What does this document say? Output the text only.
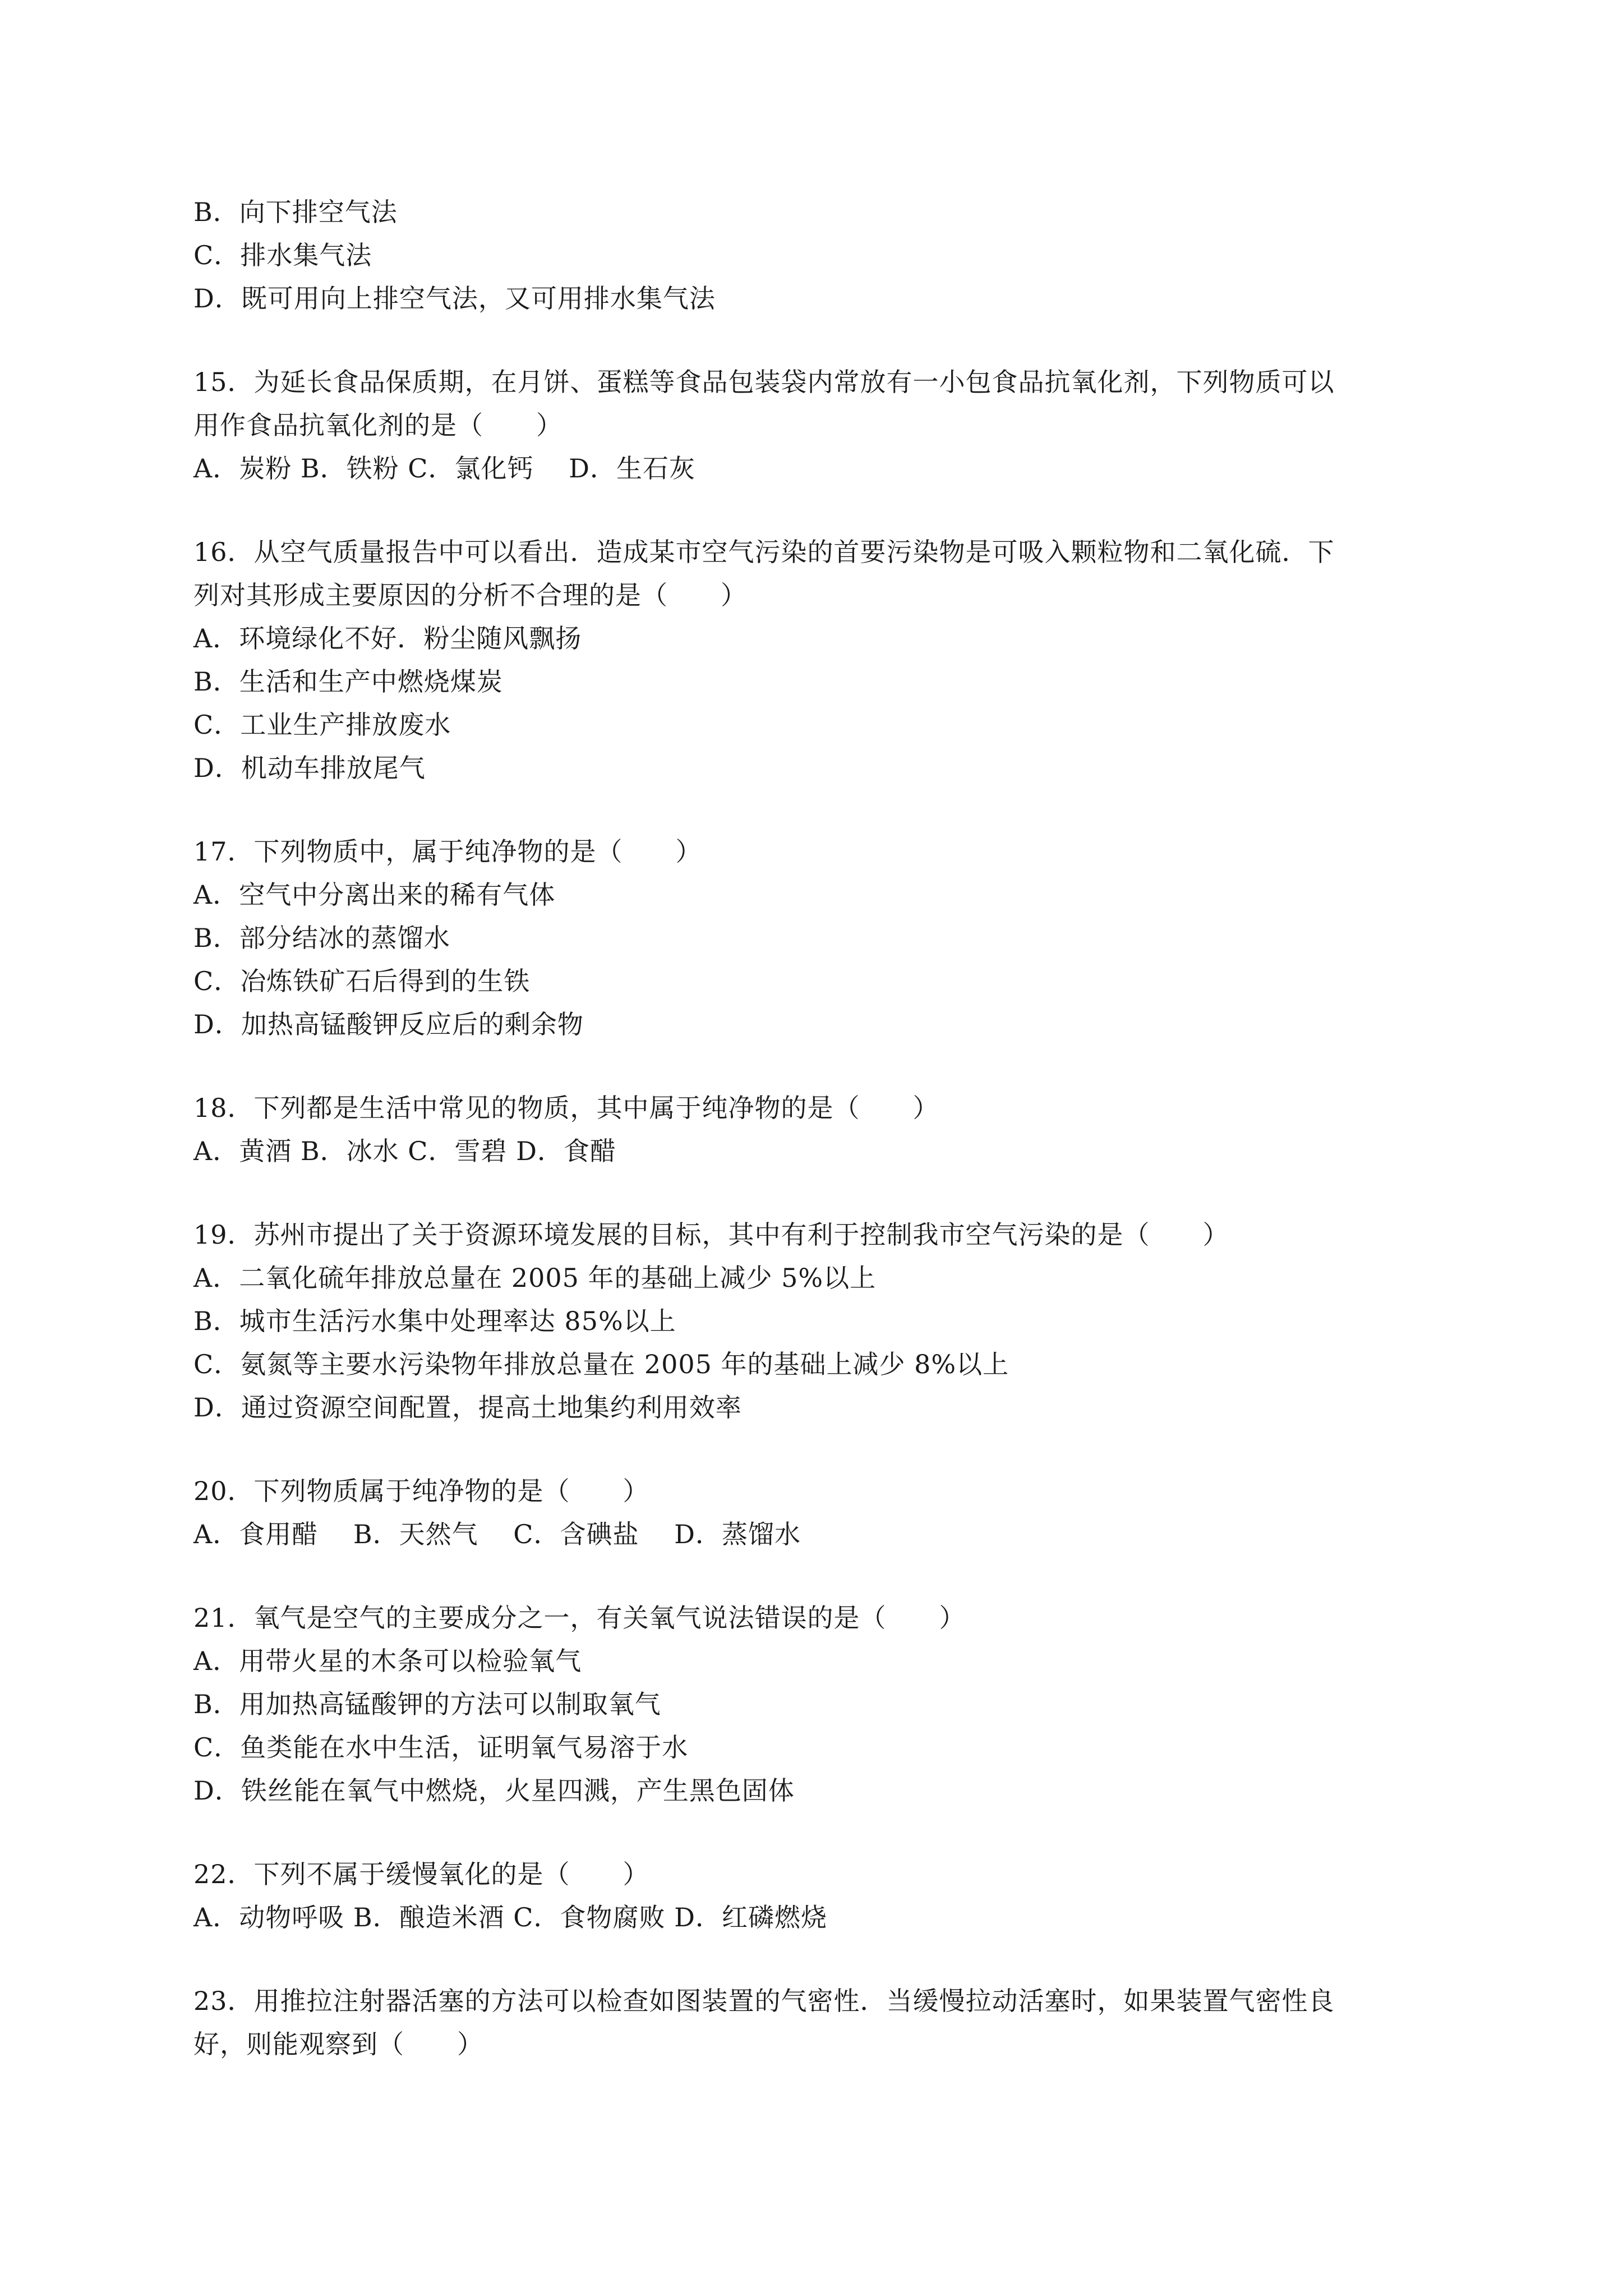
B．向下排空气法
C．排水集气法
D．既可用向上排空气法，又可用排水集气法
15．为延长食品保质期，在月饼、蛋糕等食品包装袋内常放有一小包食品抗氧化剂，下列物质可以
用作食品抗氧化剂的是（　　）
A．炭粉 B．铁粉 C．氯化钙　 D．生石灰
16．从空气质量报告中可以看出．造成某市空气污染的首要污染物是可吸入颗粒物和二氧化硫．下
列对其形成主要原因的分析不合理的是（　　）
A．环境绿化不好．粉尘随风飘扬
B．生活和生产中燃烧煤炭
C．工业生产排放废水
D．机动车排放尾气
17．下列物质中，属于纯净物的是（　　）
A．空气中分离出来的稀有气体
B．部分结冰的蒸馏水
C．冶炼铁矿石后得到的生铁
D．加热高锰酸钾反应后的剩余物
18．下列都是生活中常见的物质，其中属于纯净物的是（　　）
A．黄酒 B．冰水 C．雪碧 D．食醋
19．苏州市提出了关于资源环境发展的目标，其中有利于控制我市空气污染的是（　　）
A．二氧化硫年排放总量在 2005 年的基础上减少 5%以上
B．城市生活污水集中处理率达 85%以上
C．氨氮等主要水污染物年排放总量在 2005 年的基础上减少 8%以上
D．通过资源空间配置，提高土地集约利用效率
20．下列物质属于纯净物的是（　　）
A．食用醋　 B．天然气　 C．含碘盐　 D．蒸馏水
21．氧气是空气的主要成分之一，有关氧气说法错误的是（　　）
A．用带火星的木条可以检验氧气
B．用加热高锰酸钾的方法可以制取氧气
C．鱼类能在水中生活，证明氧气易溶于水
D．铁丝能在氧气中燃烧，火星四溅，产生黑色固体
22．下列不属于缓慢氧化的是（　　）
A．动物呼吸 B．酿造米酒 C．食物腐败 D．红磷燃烧
23．用推拉注射器活塞的方法可以检查如图装置的气密性．当缓慢拉动活塞时，如果装置气密性良
好，则能观察到（　　）
